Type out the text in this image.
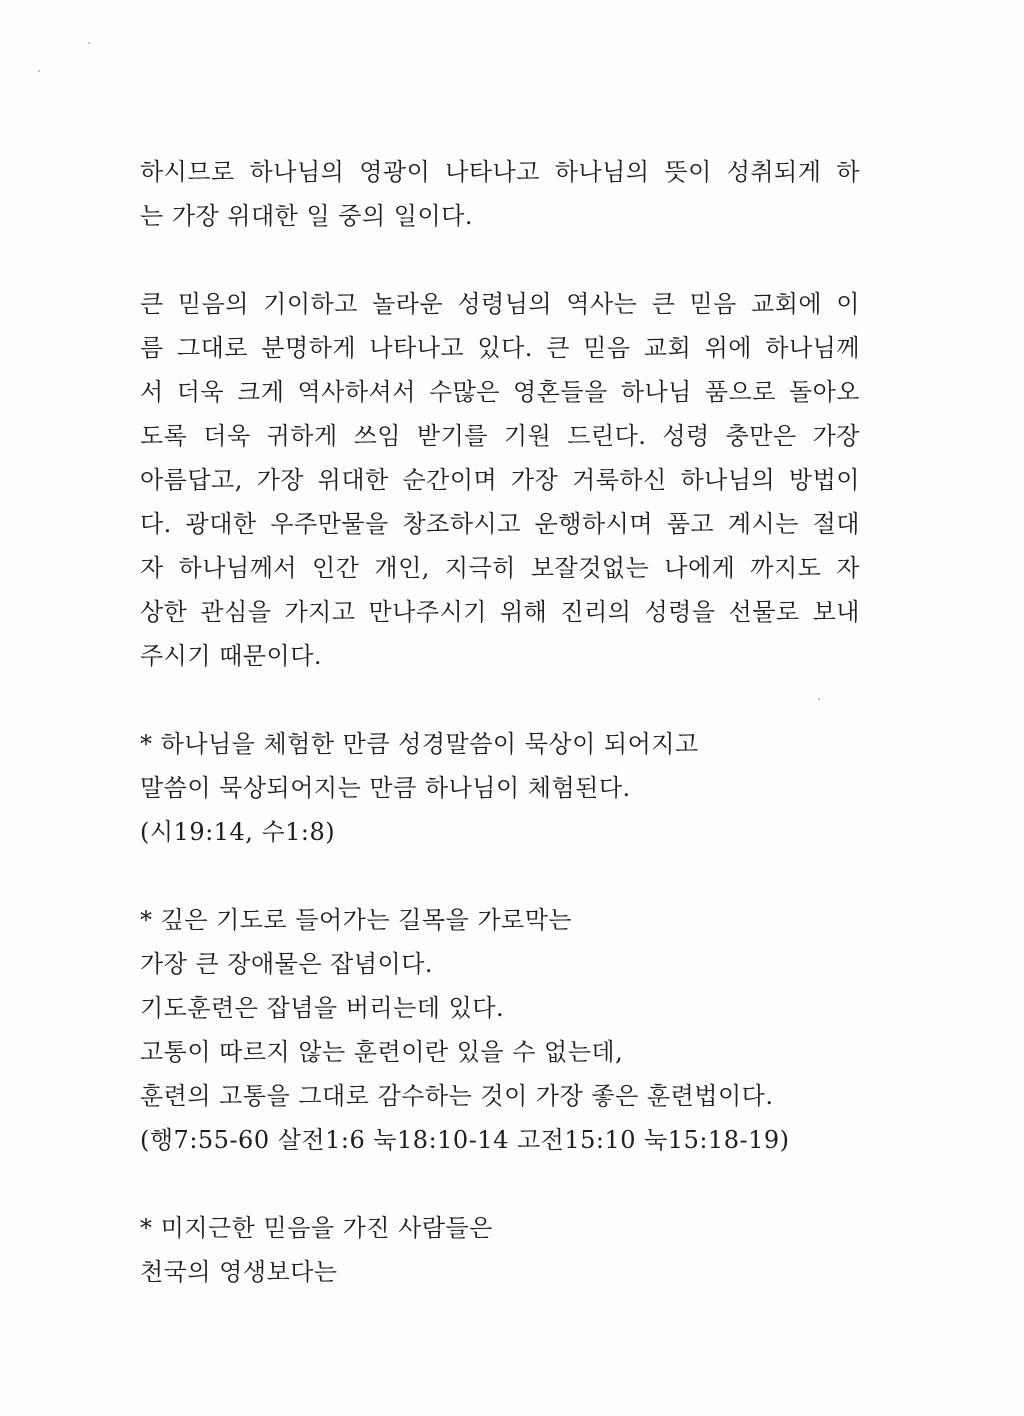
하시므로 하나님의 영광이 나타나고 하나님의 뜻이 성취되게 하
는 가장 위대한 일 중의 일이다.
큰 믿음의 기이하고 놀라운 성령님의 역사는 큰 믿음 교회에 이
름 그대로 분명하게 나타나고 있다. 큰 믿음 교회 위에 하나님께
서 더욱 크게 역사하셔서 수많은 영혼들을 하나님 품으로 돌아오
도록 더욱 귀하게 쓰임 받기를 기원 드린다. 성령 충만은 가장
아름답고, 가장 위대한 순간이며 가장 거룩하신 하나님의 방법이
다. 광대한 우주만물을 창조하시고 운행하시며 품고 계시는 절대
자 하나님께서 인간 개인, 지극히 보잘것없는 나에게 까지도 자
상한 관심을 가지고 만나주시기 위해 진리의 성령을 선물로 보내
주시기 때문이다.
* 하나님을 체험한 만큼 성경말씀이 묵상이 되어지고
말씀이 묵상되어지는 만큼 하나님이 체험된다.
(시19:14, 수1:8)
* 깊은 기도로 들어가는 길목을 가로막는
가장 큰 장애물은 잡념이다.
기도훈련은 잡념을 버리는데 있다.
고통이 따르지 않는 훈련이란 있을 수 없는데,
훈련의 고통을 그대로 감수하는 것이 가장 좋은 훈련법이다.
(행7:55-60 살전1:6 눅18:10-14 고전15:10 눅15:18-19)
* 미지근한 믿음을 가진 사람들은
천국의 영생보다는
